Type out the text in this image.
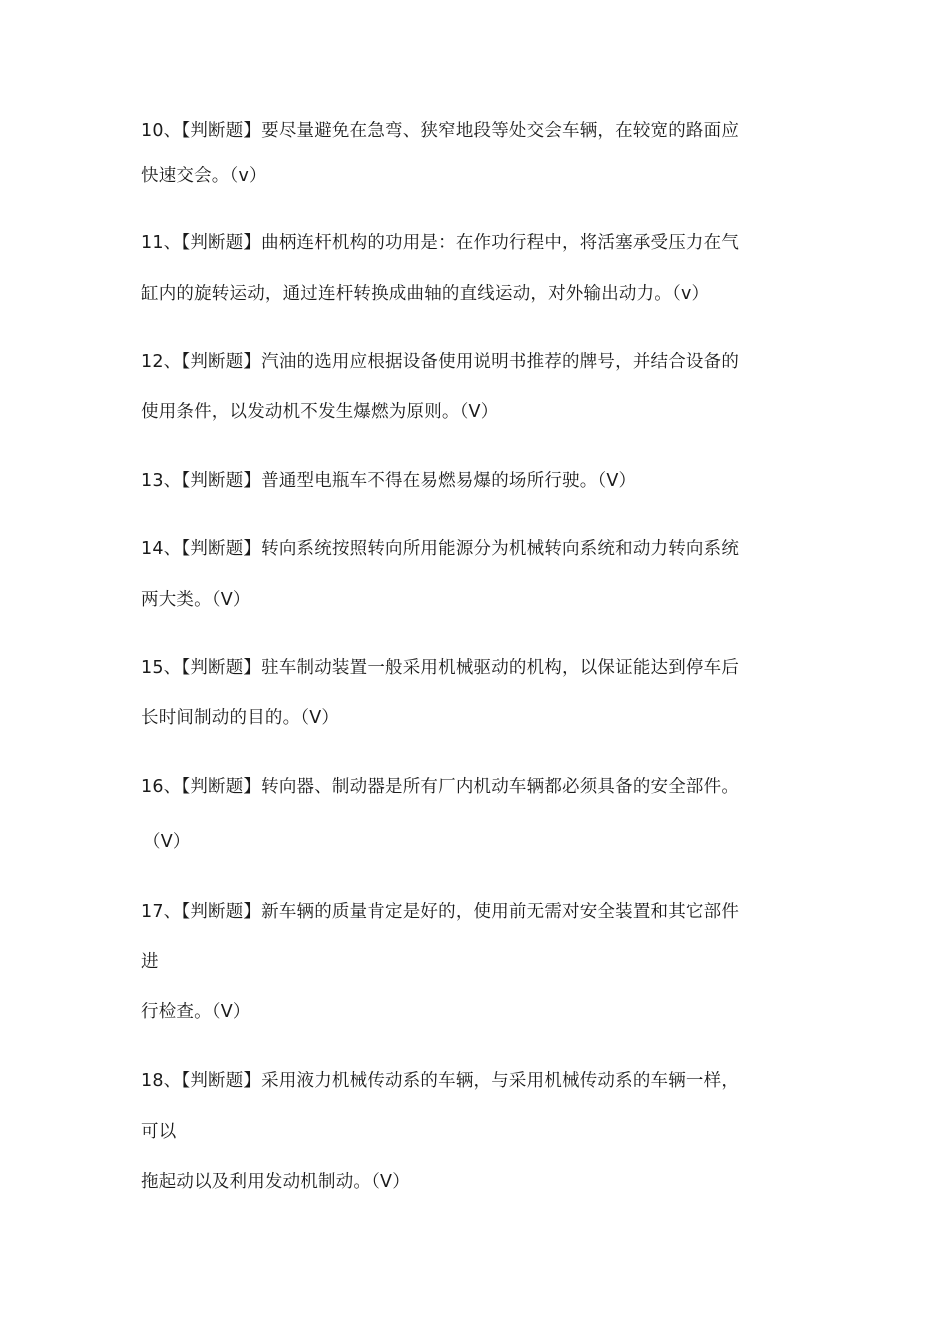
10、【判断题】要尽量避免在急弯、狭窄地段等处交会车辆，在较宽的路面应
快速交会。（v）
11、【判断题】曲柄连杆机构的功用是：在作功行程中，将活塞承受压力在气
缸内的旋转运动，通过连杆转换成曲轴的直线运动，对外输出动力。（v）
12、【判断题】汽油的选用应根据设备使用说明书推荐的牌号，并结合设备的
使用条件，以发动机不发生爆燃为原则。（V）
13、【判断题】普通型电瓶车不得在易燃易爆的场所行驶。（V）
14、【判断题】转向系统按照转向所用能源分为机械转向系统和动力转向系统
两大类。（V）
15、【判断题】驻车制动装置一般采用机械驱动的机构，以保证能达到停车后
长时间制动的目的。（V）
16、【判断题】转向器、制动器是所有厂内机动车辆都必须具备的安全部件。
（V）
17、【判断题】新车辆的质量肯定是好的，使用前无需对安全装置和其它部件
进
行检查。（V）
18、【判断题】采用液力机械传动系的车辆，与采用机械传动系的车辆一样，
可以
拖起动以及利用发动机制动。（V）
